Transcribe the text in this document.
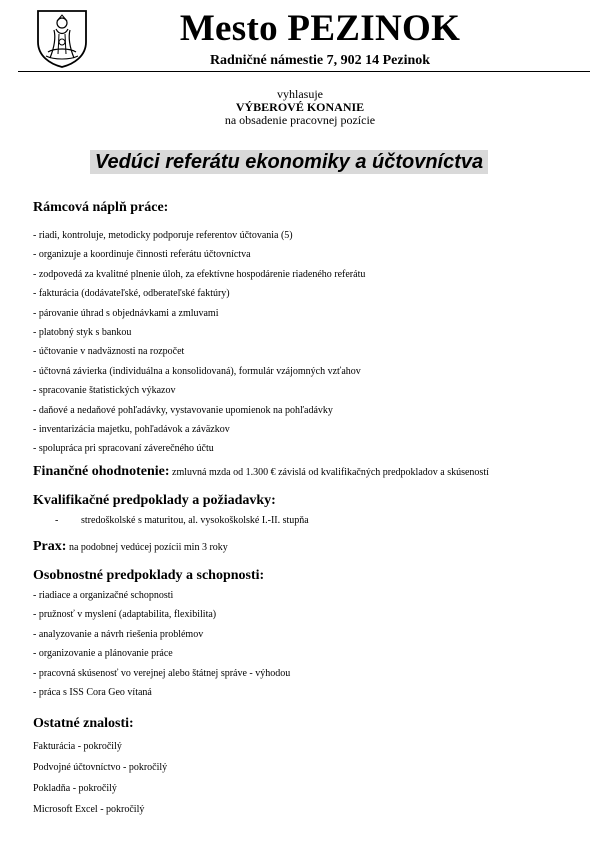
Mesto PEZINOK
Radničné námestie 7, 902 14 Pezinok
vyhlasuje
VÝBEROVÉ KONANIE
na obsadenie pracovnej pozície
Vedúci referátu ekonomiky a účtovníctva

Rámcová náplň práce:

- riadi, kontroluje, metodicky podporuje referentov účtovania (5)

- organizuje a koordinuje činnosti referátu účtovníctva

- zodpovedá za kvalitné plnenie úloh, za efektívne hospodárenie riadeného referátu

- fakturácia (dodávateľské, odberateľské faktúry)

- párovanie úhrad s objednávkami a zmluvami

- platobný styk s bankou

- účtovanie v nadväznosti na rozpočet

- účtovná závierka (individuálna a konsolidovaná), formulár vzájomných vzťahov

- spracovanie štatistických výkazov

- daňové a nedaňové pohľadávky, vystavovanie upomienok na pohľadávky

- inventarizácia majetku, pohľadávok a záväzkov

- spolupráca pri spracovaní záverečného účtu

Finančné ohodnotenie: zmluvná mzda od 1.300 € závislá od kvalifikačných predpokladov a skúseností

Kvalifikačné predpoklady a požiadavky:

- stredoškolské s maturitou, al. vysokoškolské I.-II. stupňa

Prax: na podobnej vedúcej pozícii min 3 roky

Osobnostné predpoklady a schopnosti:

- riadiace a organizačné schopnosti

- pružnosť v myslení (adaptabilita, flexibilita)

- analyzovanie a návrh riešenia problémov

- organizovanie a plánovanie práce

- pracovná skúsenosť vo verejnej alebo štátnej správe - výhodou

- práca s ISS Cora Geo vítaná

Ostatné znalosti:

Fakturácia - pokročilý

Podvojné účtovníctvo - pokročilý

Pokladňa - pokročilý

Microsoft Excel - pokročilý
